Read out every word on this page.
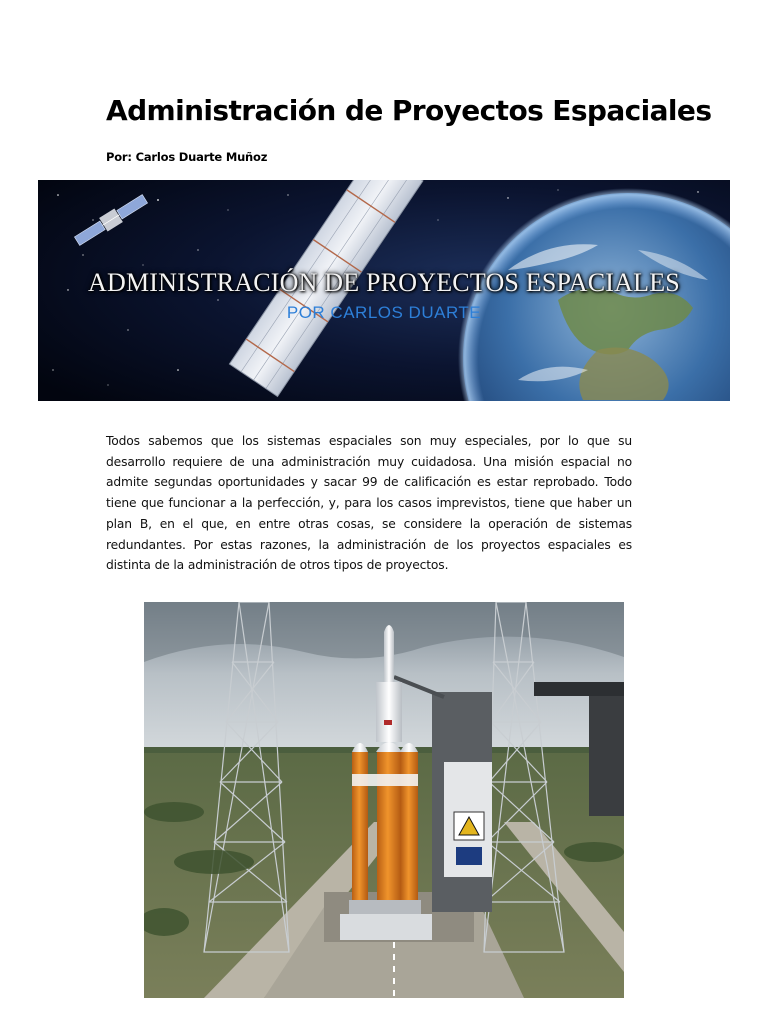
Administración de Proyectos Espaciales

Por: Carlos Duarte Muñoz

ADMINISTRACIÓN DE PROYECTOS ESPACIALES
POR CARLOS DUARTE

Todos sabemos que los sistemas espaciales son muy especiales, por lo que su desarrollo requiere de una administración muy cuidadosa. Una misión espacial no admite segundas oportunidades y sacar 99 de calificación es estar reprobado. Todo tiene que funcionar a la perfección, y, para los casos imprevistos, tiene que haber un plan B, en el que, en entre otras cosas, se considere la operación de sistemas redundantes. Por estas razones, la administración de los proyectos espaciales es distinta de la administración de otros tipos de proyectos.
